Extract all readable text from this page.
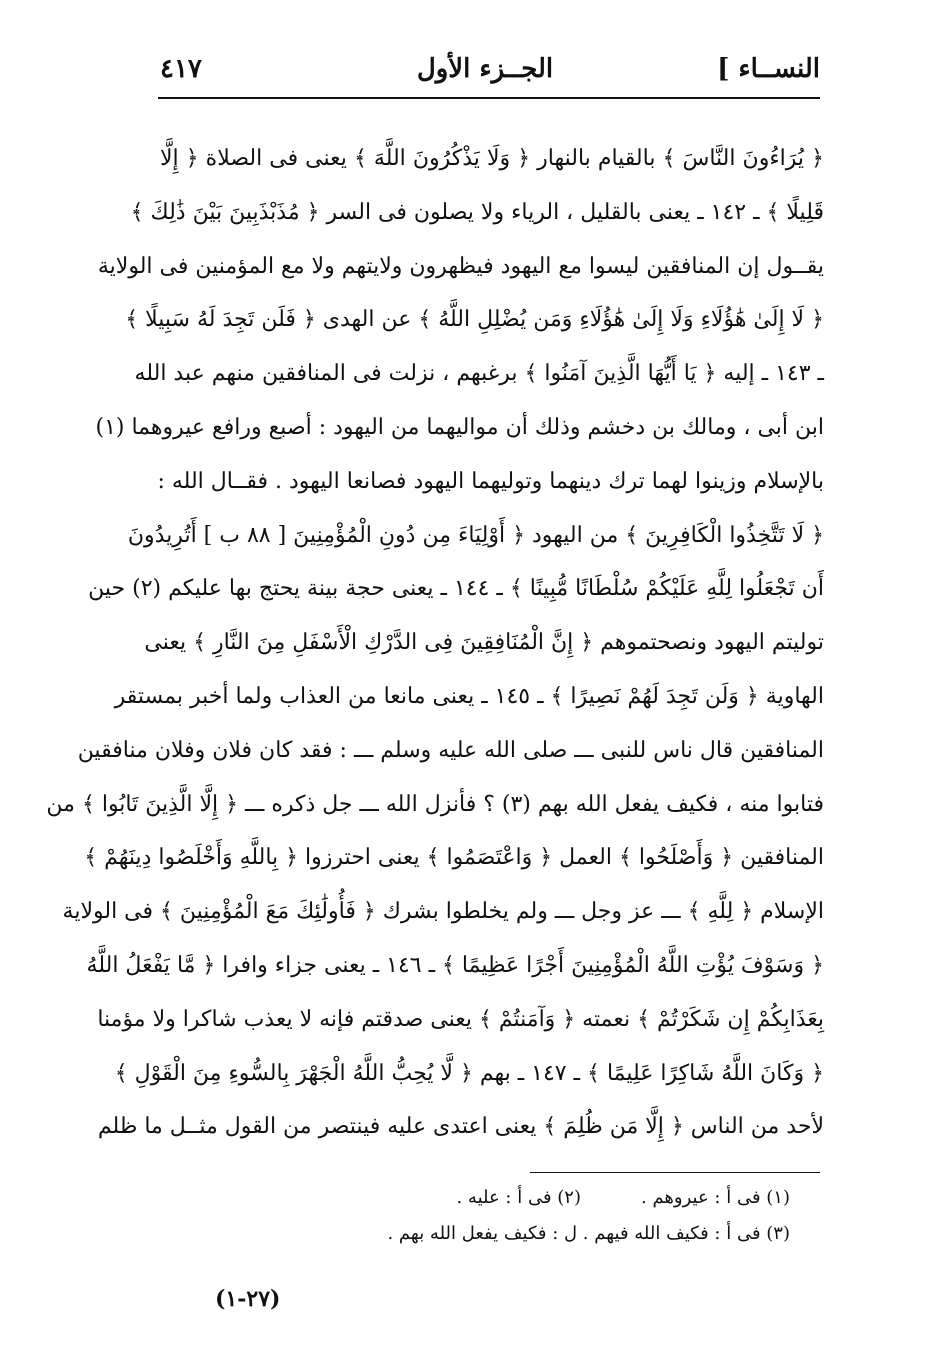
النســاء ]
الجــزء الأول
٤١٧
﴿ يُرَاءُونَ النَّاسَ ﴾ بالقيام بالنهار ﴿ وَلَا يَذْكُرُونَ اللَّهَ ﴾ يعنى فى الصلاة ﴿ إِلَّا
قَلِيلًا ﴾ ـ ١٤٢ ـ يعنى بالقليل ، الرياء ولا يصلون فى السر ﴿ مُذَبْذَبِينَ بَيْنَ ذَٰلِكَ ﴾
يقــول إن المنافقين ليسوا مع اليهود فيظهرون ولايتهم ولا مع المؤمنين فى الولاية
﴿ لَا إِلَىٰ هَٰؤُلَاءِ وَلَا إِلَىٰ هَٰؤُلَاءِ وَمَن يُضْلِلِ اللَّهُ ﴾ عن الهدى ﴿ فَلَن تَجِدَ لَهُ سَبِيلًا ﴾
ـ ١٤٣ ـ إليه ﴿ يَا أَيُّهَا الَّذِينَ آمَنُوا ﴾ برغبهم ، نزلت فى المنافقين منهم عبد الله
ابن أبى ، ومالك بن دخشم وذلك أن مواليهما من اليهود : أصبع ورافع عيروهما (١)
بالإسلام وزينوا لهما ترك دينهما وتوليهما اليهود فصانعا اليهود . فقــال الله :
﴿ لَا تَتَّخِذُوا الْكَافِرِينَ ﴾ من اليهود ﴿ أَوْلِيَاءَ مِن دُونِ الْمُؤْمِنِينَ [ ٨٨ ب ] أَتُرِيدُونَ
أَن تَجْعَلُوا لِلَّهِ عَلَيْكُمْ سُلْطَانًا مُّبِينًا ﴾ ـ ١٤٤ ـ يعنى حجة بينة يحتج بها عليكم (٢) حين
توليتم اليهود ونصحتموهم ﴿ إِنَّ الْمُنَافِقِينَ فِى الدَّرْكِ الْأَسْفَلِ مِنَ النَّارِ ﴾ يعنى
الهاوية ﴿ وَلَن تَجِدَ لَهُمْ نَصِيرًا ﴾ ـ ١٤٥ ـ يعنى مانعا من العذاب ولما أخبر بمستقر
المنافقين قال ناس للنبى ـــ صلى الله عليه وسلم ـــ : فقد كان فلان وفلان منافقين
فتابوا منه ، فكيف يفعل الله بهم (٣) ؟ فأنزل الله ـــ جل ذكره ـــ ﴿ إِلَّا الَّذِينَ تَابُوا ﴾ من
المنافقين ﴿ وَأَصْلَحُوا ﴾ العمل ﴿ وَاعْتَصَمُوا ﴾ يعنى احترزوا ﴿ بِاللَّهِ وَأَخْلَصُوا دِينَهُمْ ﴾
الإسلام ﴿ لِلَّهِ ﴾ ـــ عز وجل ـــ ولم يخلطوا بشرك ﴿ فَأُولَٰئِكَ مَعَ الْمُؤْمِنِينَ ﴾ فى الولاية
﴿ وَسَوْفَ يُؤْتِ اللَّهُ الْمُؤْمِنِينَ أَجْرًا عَظِيمًا ﴾ ـ ١٤٦ ـ يعنى جزاء وافرا ﴿ مَّا يَفْعَلُ اللَّهُ
بِعَذَابِكُمْ إِن شَكَرْتُمْ ﴾ نعمته ﴿ وَآمَنتُمْ ﴾ يعنى صدقتم فإنه لا يعذب شاكرا ولا مؤمنا
﴿ وَكَانَ اللَّهُ شَاكِرًا عَلِيمًا ﴾ ـ ١٤٧ ـ بهم ﴿ لَّا يُحِبُّ اللَّهُ الْجَهْرَ بِالسُّوءِ مِنَ الْقَوْلِ ﴾
لأحد من الناس ﴿ إِلَّا مَن ظُلِمَ ﴾ يعنى اعتدى عليه فينتصر من القول مثــل ما ظلم
(١) فى أ : عيروهم .
(٢) فى أ : عليه .
(٣) فى أ : فكيف الله فيهم . ل : فكيف يفعل الله بهم .
(٢٧-١)
